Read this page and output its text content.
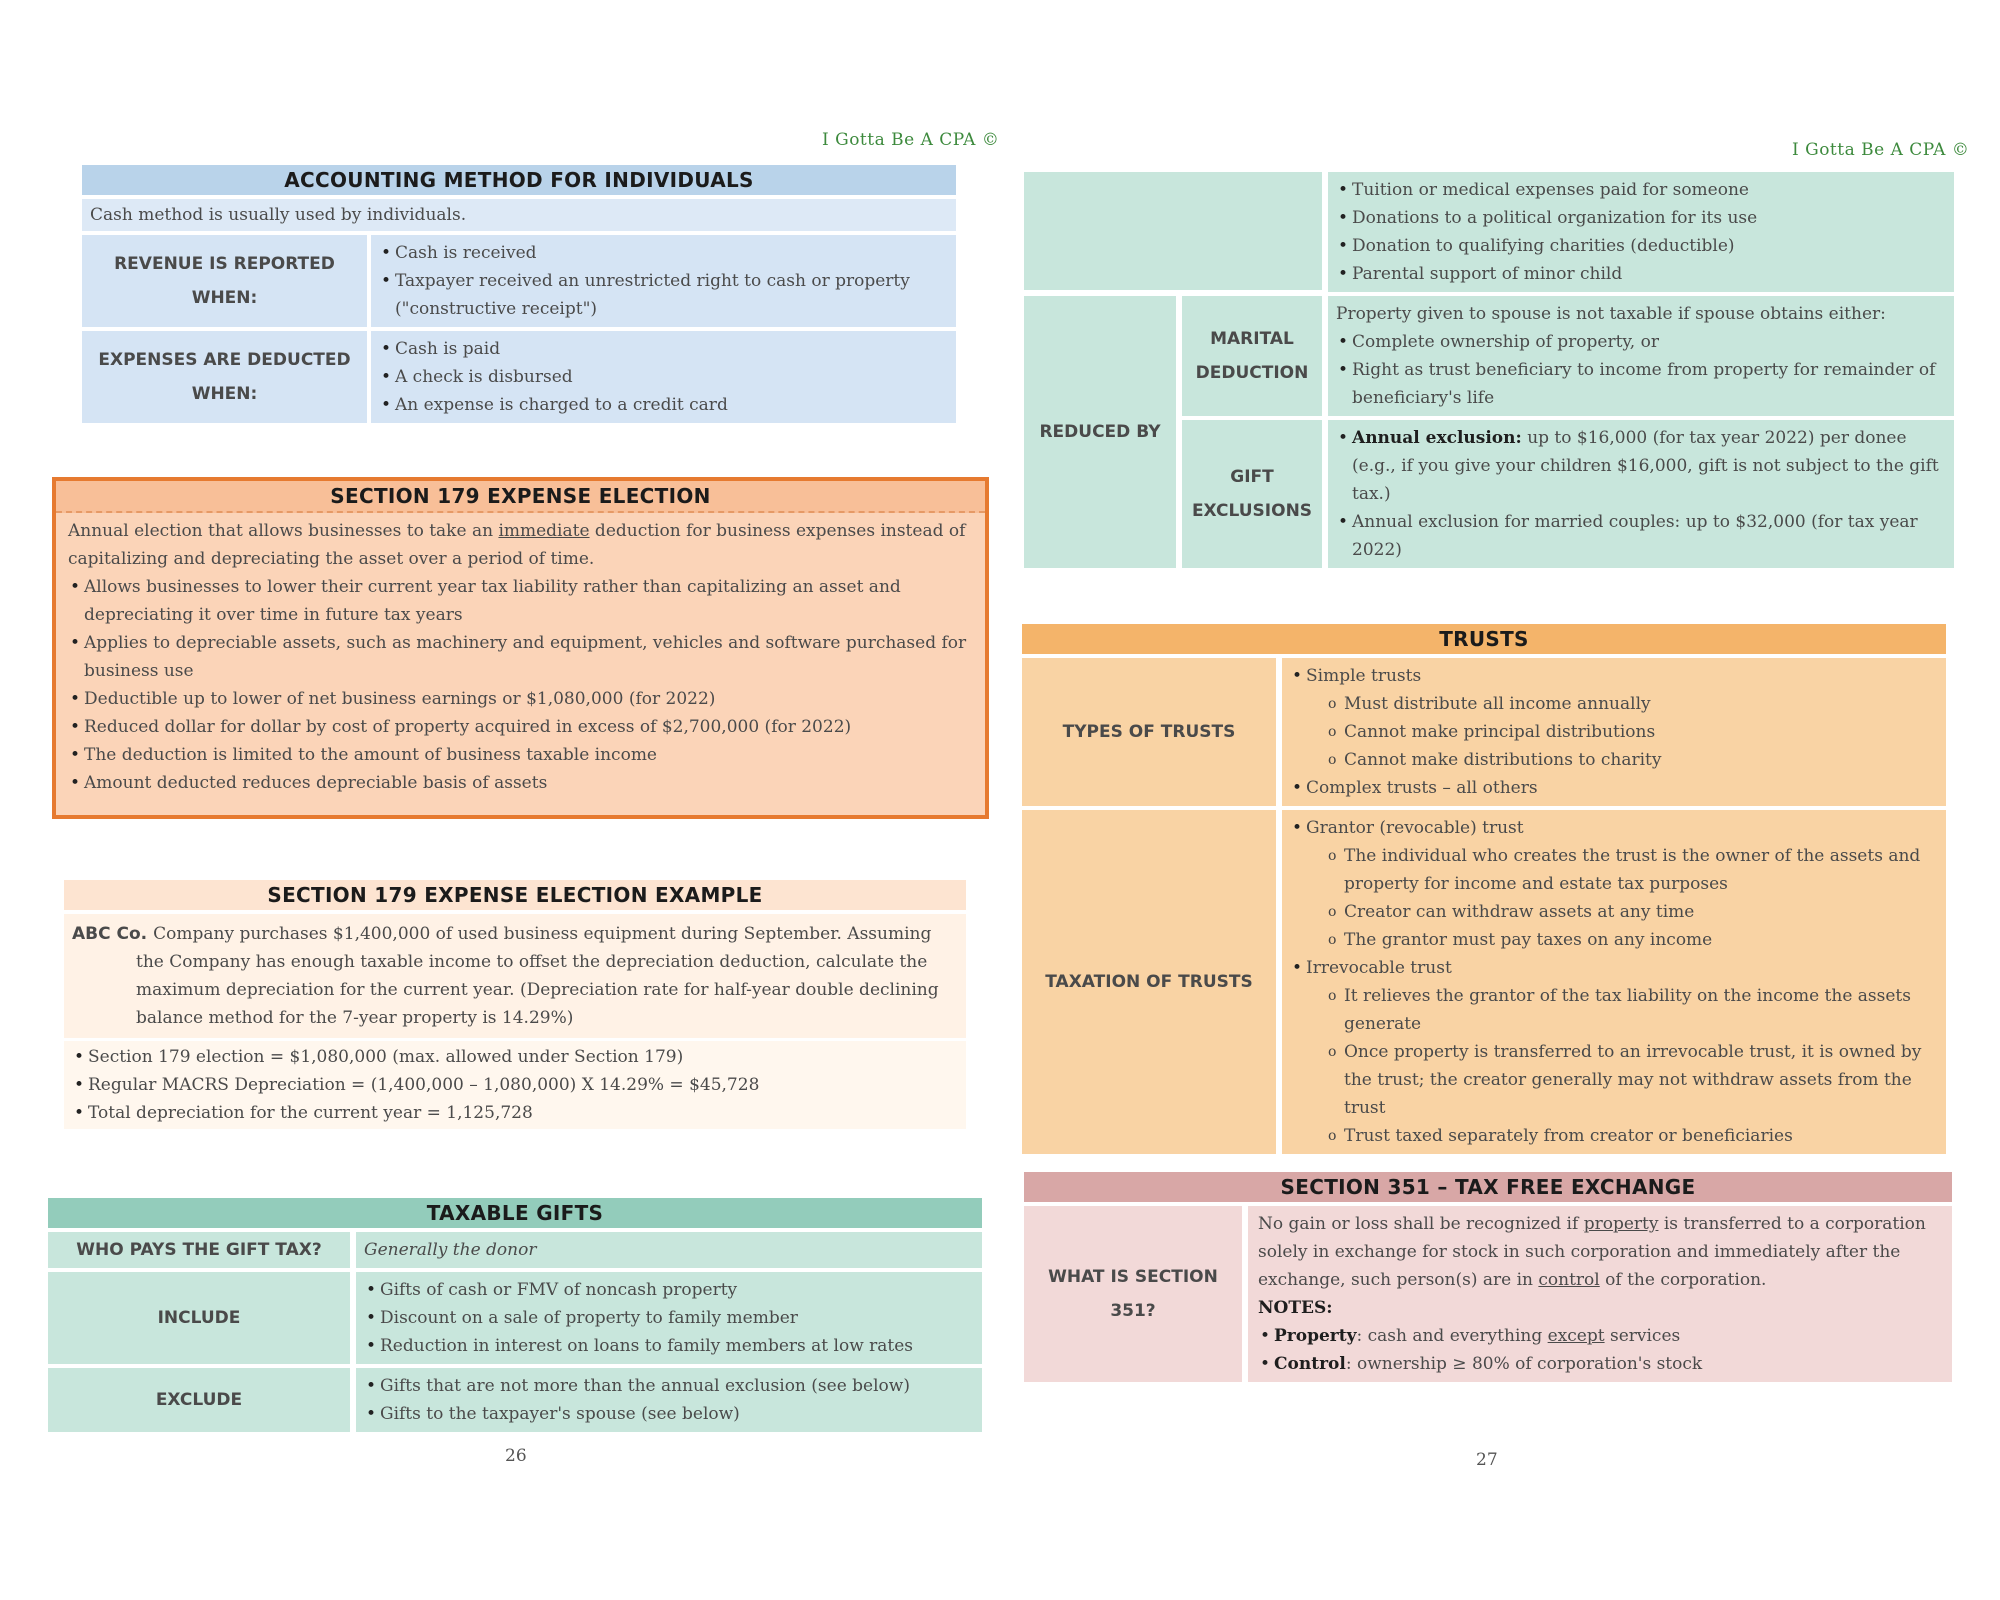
I Gotta Be A CPA ©
ACCOUNTING METHOD FOR INDIVIDUALS
Cash method is usually used by individuals.
REVENUE IS REPORTED WHEN:
• Cash is received
• Taxpayer received an unrestricted right to cash or property ("constructive receipt")
EXPENSES ARE DEDUCTED WHEN:
• Cash is paid
• A check is disbursed
• An expense is charged to a credit card
SECTION 179 EXPENSE ELECTION
Annual election that allows businesses to take an immediate deduction for business expenses instead of capitalizing and depreciating the asset over a period of time.
• Allows businesses to lower their current year tax liability rather than capitalizing an asset and depreciating it over time in future tax years
• Applies to depreciable assets, such as machinery and equipment, vehicles and software purchased for business use
• Deductible up to lower of net business earnings or $1,080,000 (for 2022)
• Reduced dollar for dollar by cost of property acquired in excess of $2,700,000 (for 2022)
• The deduction is limited to the amount of business taxable income
• Amount deducted reduces depreciable basis of assets
SECTION 179 EXPENSE ELECTION EXAMPLE
ABC Co. Company purchases $1,400,000 of used business equipment during September. Assuming the Company has enough taxable income to offset the depreciation deduction, calculate the maximum depreciation for the current year. (Depreciation rate for half-year double declining balance method for the 7-year property is 14.29%)
• Section 179 election = $1,080,000 (max. allowed under Section 179)
• Regular MACRS Depreciation = (1,400,000 – 1,080,000) X 14.29% = $45,728
• Total depreciation for the current year = 1,125,728
TAXABLE GIFTS
WHO PAYS THE GIFT TAX?	Generally the donor
INCLUDE
• Gifts of cash or FMV of noncash property
• Discount on a sale of property to family member
• Reduction in interest on loans to family members at low rates
EXCLUDE
• Gifts that are not more than the annual exclusion (see below)
• Gifts to the taxpayer's spouse (see below)
26
I Gotta Be A CPA ©
• Tuition or medical expenses paid for someone
• Donations to a political organization for its use
• Donation to qualifying charities (deductible)
• Parental support of minor child
REDUCED BY
MARITAL DEDUCTION
Property given to spouse is not taxable if spouse obtains either:
• Complete ownership of property, or
• Right as trust beneficiary to income from property for remainder of beneficiary's life
GIFT EXCLUSIONS
• Annual exclusion: up to $16,000 (for tax year 2022) per donee (e.g., if you give your children $16,000, gift is not subject to the gift tax.)
• Annual exclusion for married couples: up to $32,000 (for tax year 2022)
TRUSTS
TYPES OF TRUSTS
• Simple trusts
o Must distribute all income annually
o Cannot make principal distributions
o Cannot make distributions to charity
• Complex trusts – all others
TAXATION OF TRUSTS
• Grantor (revocable) trust
o The individual who creates the trust is the owner of the assets and property for income and estate tax purposes
o Creator can withdraw assets at any time
o The grantor must pay taxes on any income
• Irrevocable trust
o It relieves the grantor of the tax liability on the income the assets generate
o Once property is transferred to an irrevocable trust, it is owned by the trust; the creator generally may not withdraw assets from the trust
o Trust taxed separately from creator or beneficiaries
SECTION 351 – TAX FREE EXCHANGE
WHAT IS SECTION 351?
No gain or loss shall be recognized if property is transferred to a corporation solely in exchange for stock in such corporation and immediately after the exchange, such person(s) are in control of the corporation.
NOTES:
• Property: cash and everything except services
• Control: ownership ≥ 80% of corporation's stock
27
